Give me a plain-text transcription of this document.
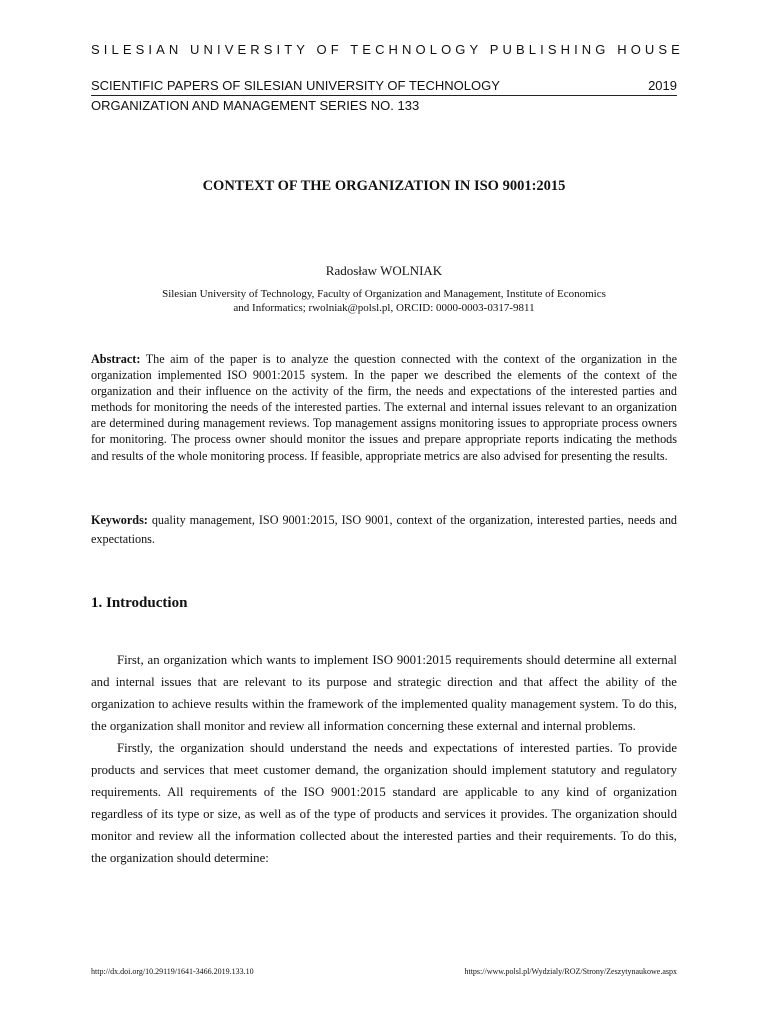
SILESIAN UNIVERSITY OF TECHNOLOGY PUBLISHING HOUSE
SCIENTIFIC PAPERS OF SILESIAN UNIVERSITY OF TECHNOLOGY	2019
ORGANIZATION AND MANAGEMENT SERIES NO. 133
CONTEXT OF THE ORGANIZATION IN ISO 9001:2015
Radosław WOLNIAK
Silesian University of Technology, Faculty of Organization and Management, Institute of Economics
and Informatics; rwolniak@polsl.pl, ORCID: 0000-0003-0317-9811
Abstract: The aim of the paper is to analyze the question connected with the context of the organization in the organization implemented ISO 9001:2015 system. In the paper we described the elements of the context of the organization and their influence on the activity of the firm, the needs and expectations of the interested parties and methods for monitoring the needs of the interested parties. The external and internal issues relevant to an organization are determined during management reviews. Top management assigns monitoring issues to appropriate process owners for monitoring. The process owner should monitor the issues and prepare appropriate reports indicating the methods and results of the whole monitoring process. If feasible, appropriate metrics are also advised for presenting the results.
Keywords: quality management, ISO 9001:2015, ISO 9001, context of the organization, interested parties, needs and expectations.
1. Introduction

First, an organization which wants to implement ISO 9001:2015 requirements should determine all external and internal issues that are relevant to its purpose and strategic direction and that affect the ability of the organization to achieve results within the framework of the implemented quality management system. To do this, the organization shall monitor and review all information concerning these external and internal problems.

Firstly, the organization should understand the needs and expectations of interested parties. To provide products and services that meet customer demand, the organization should implement statutory and regulatory requirements. All requirements of the ISO 9001:2015 standard are applicable to any kind of organization regardless of its type or size, as well as of the type of products and services it provides. The organization should monitor and review all the information collected about the interested parties and their requirements. To do this, the organization should determine:

http://dx.doi.org/10.29119/1641-3466.2019.133.10	https://www.polsl.pl/Wydzialy/ROZ/Strony/Zeszytynaukowe.aspx
